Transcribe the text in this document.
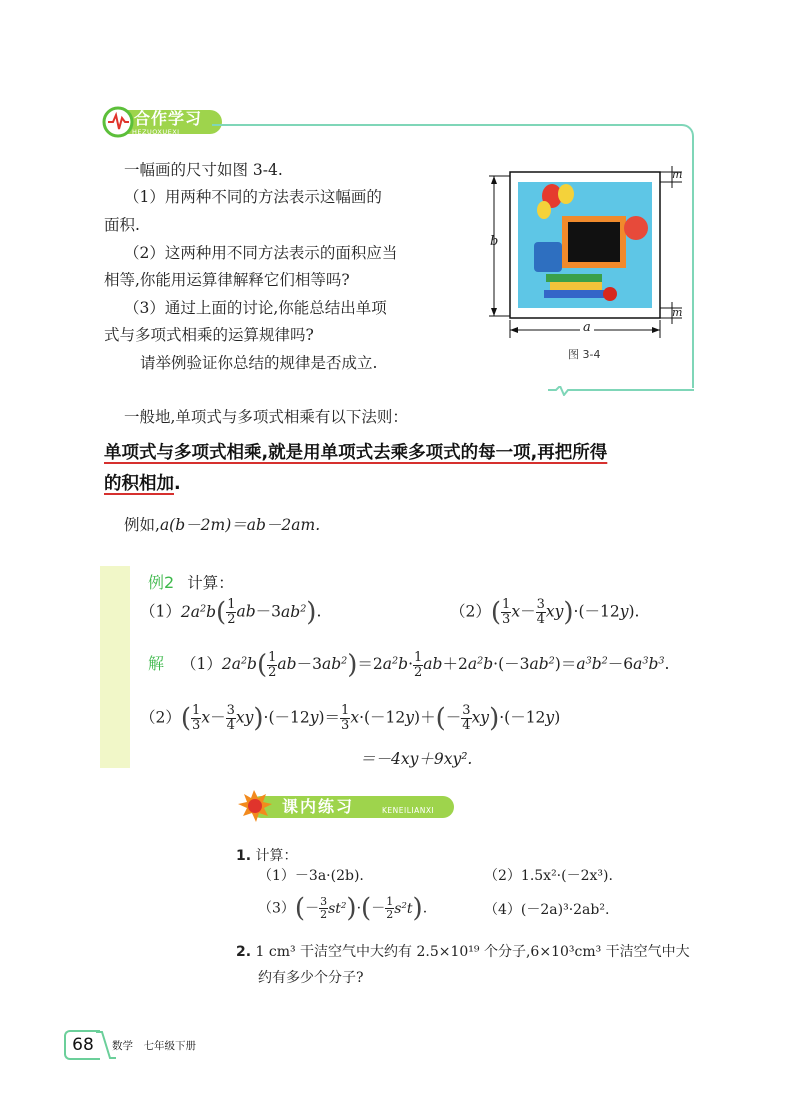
合作学习
HEZUOXUEXI
一幅画的尺寸如图 3-4.
（1）用两种不同的方法表示这幅画的
面积.
（2）这两种用不同方法表示的面积应当
相等,你能用运算律解释它们相等吗?
（3）通过上面的讨论,你能总结出单项
式与多项式相乘的运算规律吗?
请举例验证你总结的规律是否成立.
b
a
m
m
图 3-4
一般地,单项式与多项式相乘有以下法则：
单项式与多项式相乘,就是用单项式去乘多项式的每一项,再把所得
的积相加.
例如,a(b－2m)＝ab－2am.
例2 计算：
$(1)2a^2b( \frac{1}{2} ab-3ab^2)$.	$(2)( \frac{1}{3} x- \frac{3}{4} xy)\cdot(-12y)$.
解 $(1)2a^2b( \frac{1}{2} ab-3ab^2)=2a^2b\cdot \frac{1}{2} ab+2a^2b\cdot(-3ab^2)=a^3b^2-6a^3b^3$.
$(2)( \frac{1}{3} x- \frac{3}{4} xy)\cdot(-12y)= \frac{1}{3} x\cdot(-12y)+(- \frac{3}{4} xy)\cdot(-12y)$
＝－4xy＋9xy².
课内练习	KENEILIANXI
1. 计算：
（1）－3a·(2b).	（2）1.5x²·(－2x³).
$(3)(- \frac{3}{2} st^2)\cdot(- \frac{1}{2} s^2t)$.	（4）(－2a)³·2ab².
2. 1 cm³ 干洁空气中大约有 2.5×10¹⁹ 个分子,6×10³cm³ 干洁空气中大
约有多少个分子?
68	数学　七年级下册
